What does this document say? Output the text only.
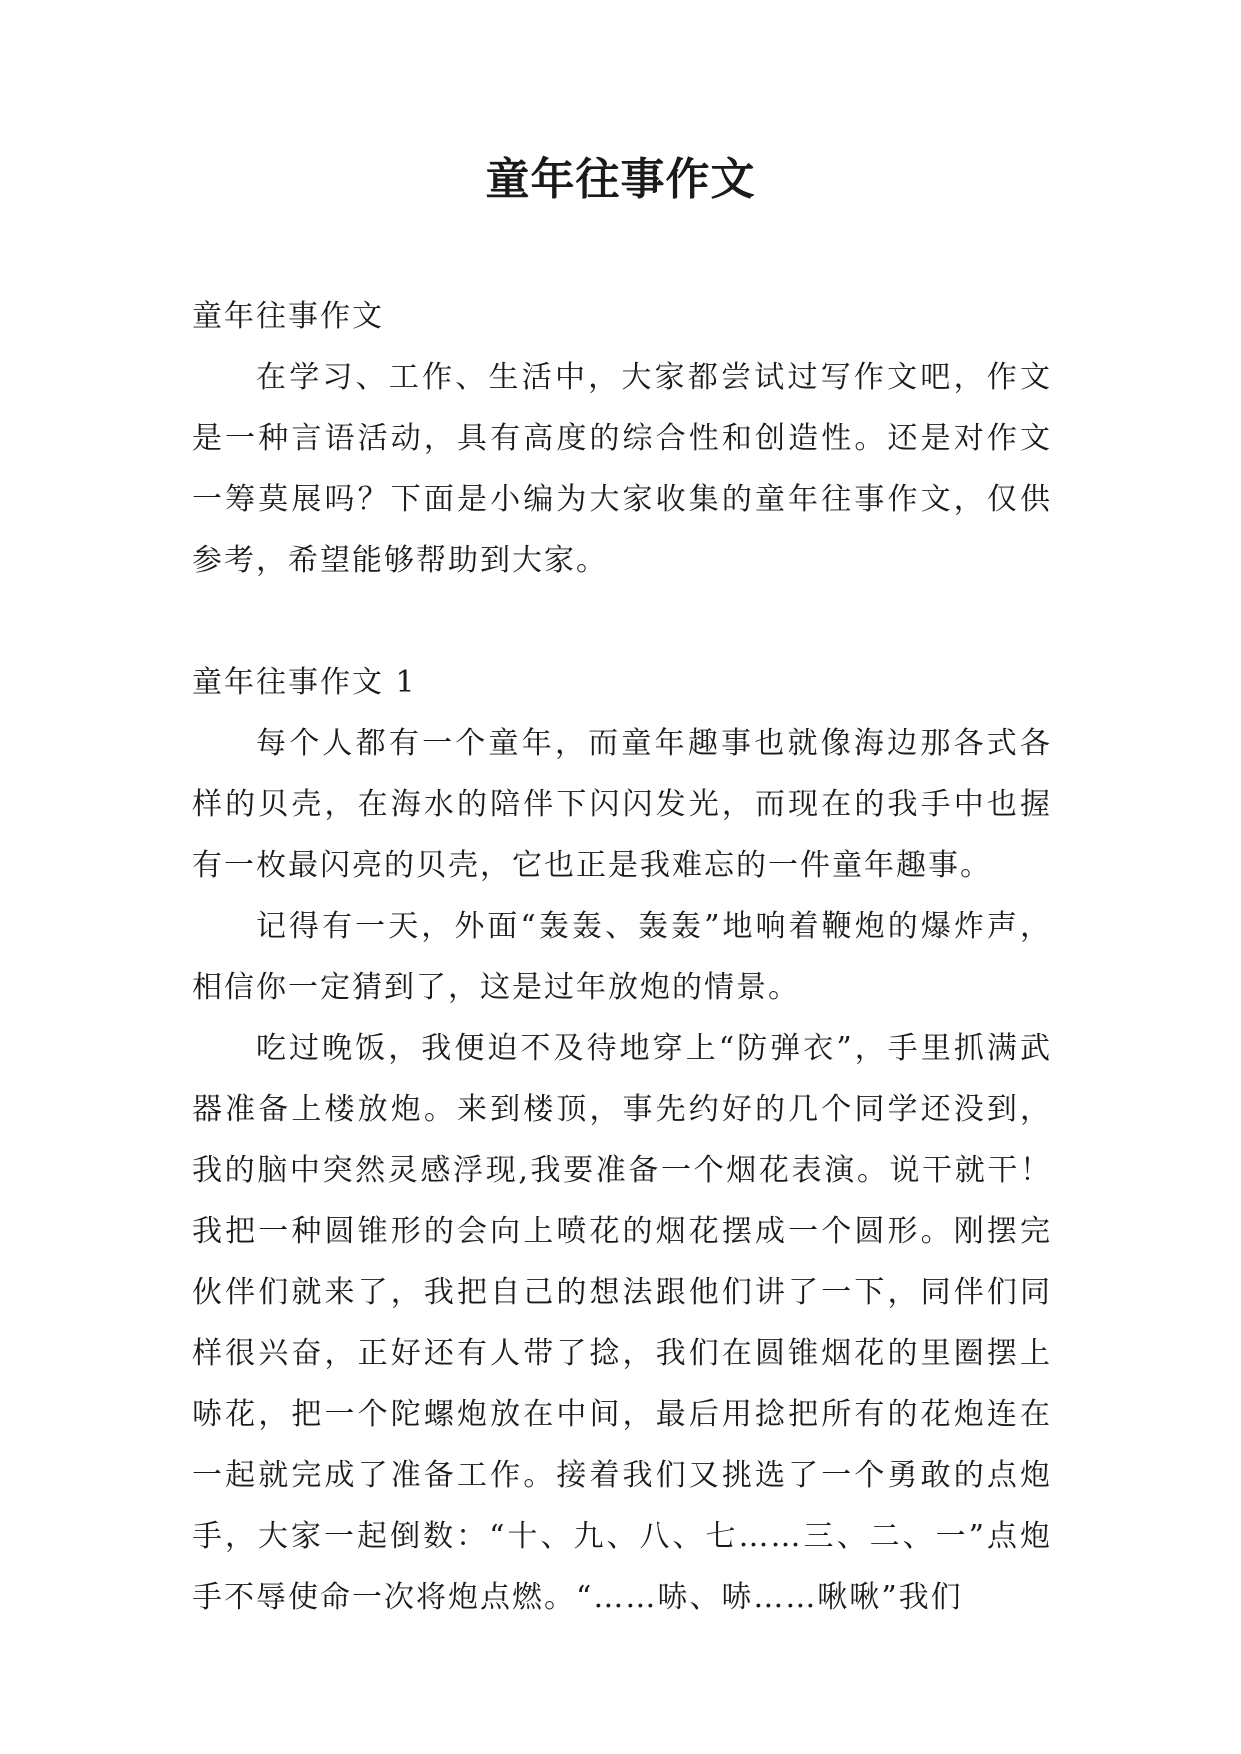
童年往事作文

童年往事作文

在学习、工作、生活中，大家都尝试过写作文吧，作文是一种言语活动，具有高度的综合性和创造性。还是对作文一筹莫展吗？下面是小编为大家收集的童年往事作文，仅供参考，希望能够帮助到大家。

童年往事作文 1

每个人都有一个童年，而童年趣事也就像海边那各式各样的贝壳，在海水的陪伴下闪闪发光，而现在的我手中也握有一枚最闪亮的贝壳，它也正是我难忘的一件童年趣事。

记得有一天，外面“轰轰、轰轰”地响着鞭炮的爆炸声，相信你一定猜到了，这是过年放炮的情景。

吃过晚饭，我便迫不及待地穿上“防弹衣”，手里抓满武器准备上楼放炮。来到楼顶，事先约好的几个同学还没到，我的脑中突然灵感浮现,我要准备一个烟花表演。说干就干！我把一种圆锥形的会向上喷花的烟花摆成一个圆形。刚摆完伙伴们就来了，我把自己的想法跟他们讲了一下，同伴们同样很兴奋，正好还有人带了捻，我们在圆锥烟花的里圈摆上哧花，把一个陀螺炮放在中间，最后用捻把所有的花炮连在一起就完成了准备工作。接着我们又挑选了一个勇敢的点炮手，大家一起倒数：“十、九、八、七……三、二、一”点炮手不辱使命一次将炮点燃。“……哧、哧……啾啾”我们
